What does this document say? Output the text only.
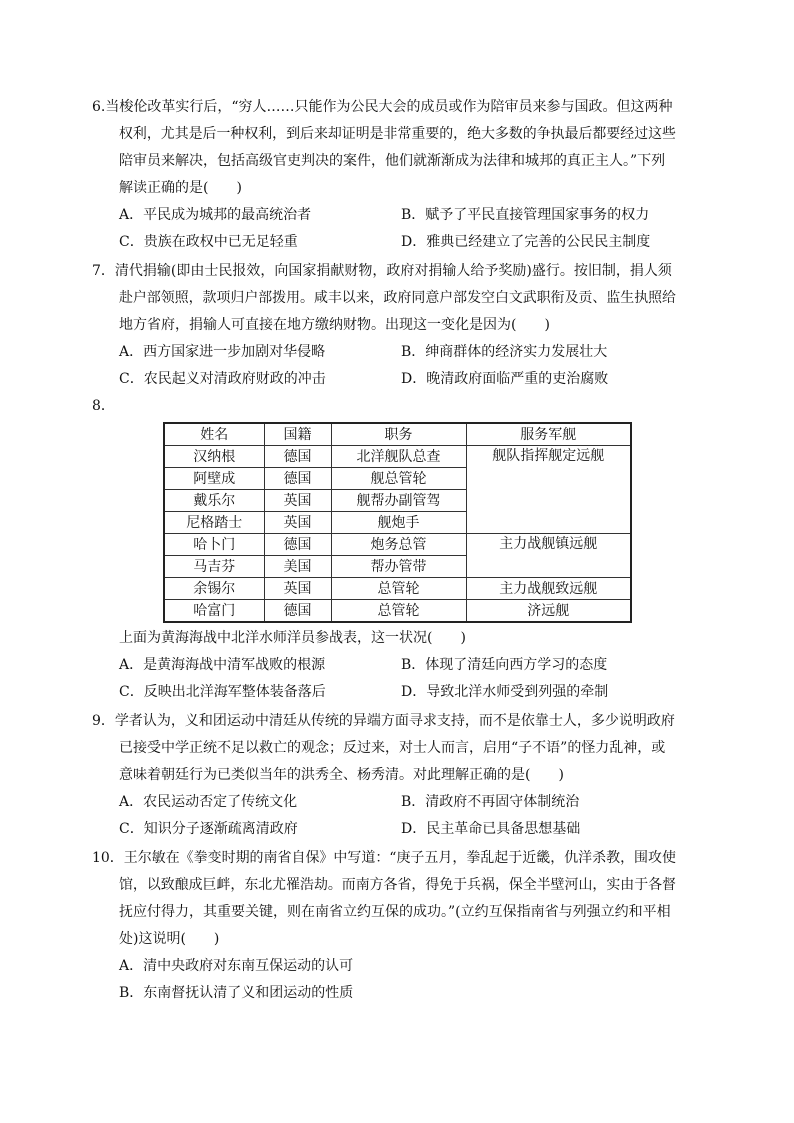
6.当梭伦改革实行后，“穷人……只能作为公民大会的成员或作为陪审员来参与国政。但这两种
权利，尤其是后一种权利，到后来却证明是非常重要的，绝大多数的争执最后都要经过这些
陪审员来解决，包括高级官吏判决的案件，他们就渐渐成为法律和城邦的真正主人。”下列
解读正确的是(　　)
A．平民成为城邦的最高统治者	B．赋予了平民直接管理国家事务的权力
C．贵族在政权中已无足轻重	D．雅典已经建立了完善的公民民主制度
7．清代捐输(即由士民报效，向国家捐献财物，政府对捐输人给予奖励)盛行。按旧制，捐人须
赴户部领照，款项归户部拨用。咸丰以来，政府同意户部发空白文武职衔及贡、监生执照给
地方省府，捐输人可直接在地方缴纳财物。出现这一变化是因为(　　)
A．西方国家进一步加剧对华侵略	B．绅商群体的经济实力发展壮大
C．农民起义对清政府财政的冲击	D．晚清政府面临严重的吏治腐败
8．
姓名	国籍	职务	服务军舰
汉纳根	德国	北洋舰队总查	舰队指挥舰定远舰
阿壁成	德国	舰总管轮	
戴乐尔	英国	舰帮办副管驾	
尼格踏士	英国	舰炮手	
哈卜门	德国	炮务总管	主力战舰镇远舰
马吉芬	美国	帮办管带	
余锡尔	英国	总管轮	主力战舰致远舰
哈富门	德国	总管轮	济远舰
上面为黄海海战中北洋水师洋员参战表，这一状况(　　)
A．是黄海海战中清军战败的根源	B．体现了清廷向西方学习的态度
C．反映出北洋海军整体装备落后	D．导致北洋水师受到列强的牵制
9．学者认为，义和团运动中清廷从传统的异端方面寻求支持，而不是依靠士人，多少说明政府
已接受中学正统不足以救亡的观念；反过来，对士人而言，启用“子不语”的怪力乱神，或
意味着朝廷行为已类似当年的洪秀全、杨秀清。对此理解正确的是(　　)
A．农民运动否定了传统文化	B．清政府不再固守体制统治
C．知识分子逐渐疏离清政府	D．民主革命已具备思想基础
10．王尔敏在《拳变时期的南省自保》中写道：“庚子五月，拳乱起于近畿，仇洋杀教，围攻使
馆，以致酿成巨衅，东北尤罹浩劫。而南方各省，得免于兵祸，保全半壁河山，实由于各督
抚应付得力，其重要关键，则在南省立约互保的成功。”(立约互保指南省与列强立约和平相
处)这说明(　　)
A．清中央政府对东南互保运动的认可
B．东南督抚认清了义和团运动的性质
